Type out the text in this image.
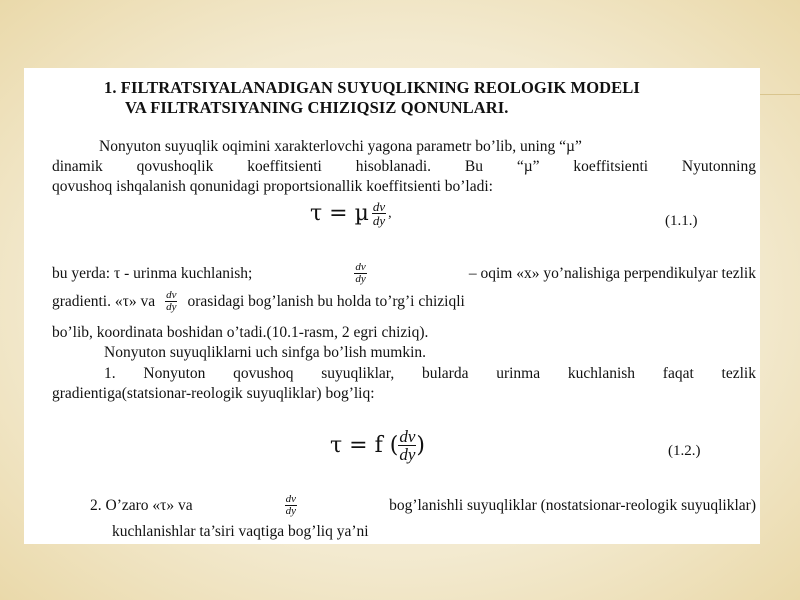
1. FILTRATSIYALANADIGAN SUYUQLIKNING REOLOGIK MODELI
VA FILTRATSIYANING CHIZIQSIZ QONUNLARI.
Nonyuton suyuqlik oqimini xarakterlovchi yagona parametr bo’lib, uning “µ”
dinamik qovushoqlik koeffitsienti hisoblanadi. Bu “µ” koeffitsienti Nyutonning
qovushoq ishqalanish qonunidagi proportsionallik koeffitsienti bo’ladi:
τ = µ $\frac{dv}{dy}$ ,	(1.1.)
bu yerda: τ - urinma kuchlanish;	$\frac{dv}{dy}$	– oqim «x» yo’nalishiga perpendikulyar tezlik
gradienti. «τ» va $\frac{dv}{dy}$ orasidagi bog’lanish bu holda to’rg’i chiziqli
bo’lib, koordinata boshidan o’tadi.(10.1-rasm, 2 egri chiziq).
Nonyuton suyuqliklarni uch sinfga bo’lish mumkin.
1. Nonyuton qovushoq suyuqliklar, bularda urinma kuchlanish faqat tezlik
gradientiga(statsionar-reologik suyuqliklar) bog’liq:
τ = f ( $\frac{dv}{dy}$ )	(1.2.)
2. O’zaro «τ» va	$\frac{dv}{dy}$	bog’lanishli suyuqliklar (nostatsionar-reologik suyuqliklar)
kuchlanishlar ta’siri vaqtiga bog’liq ya’ni
